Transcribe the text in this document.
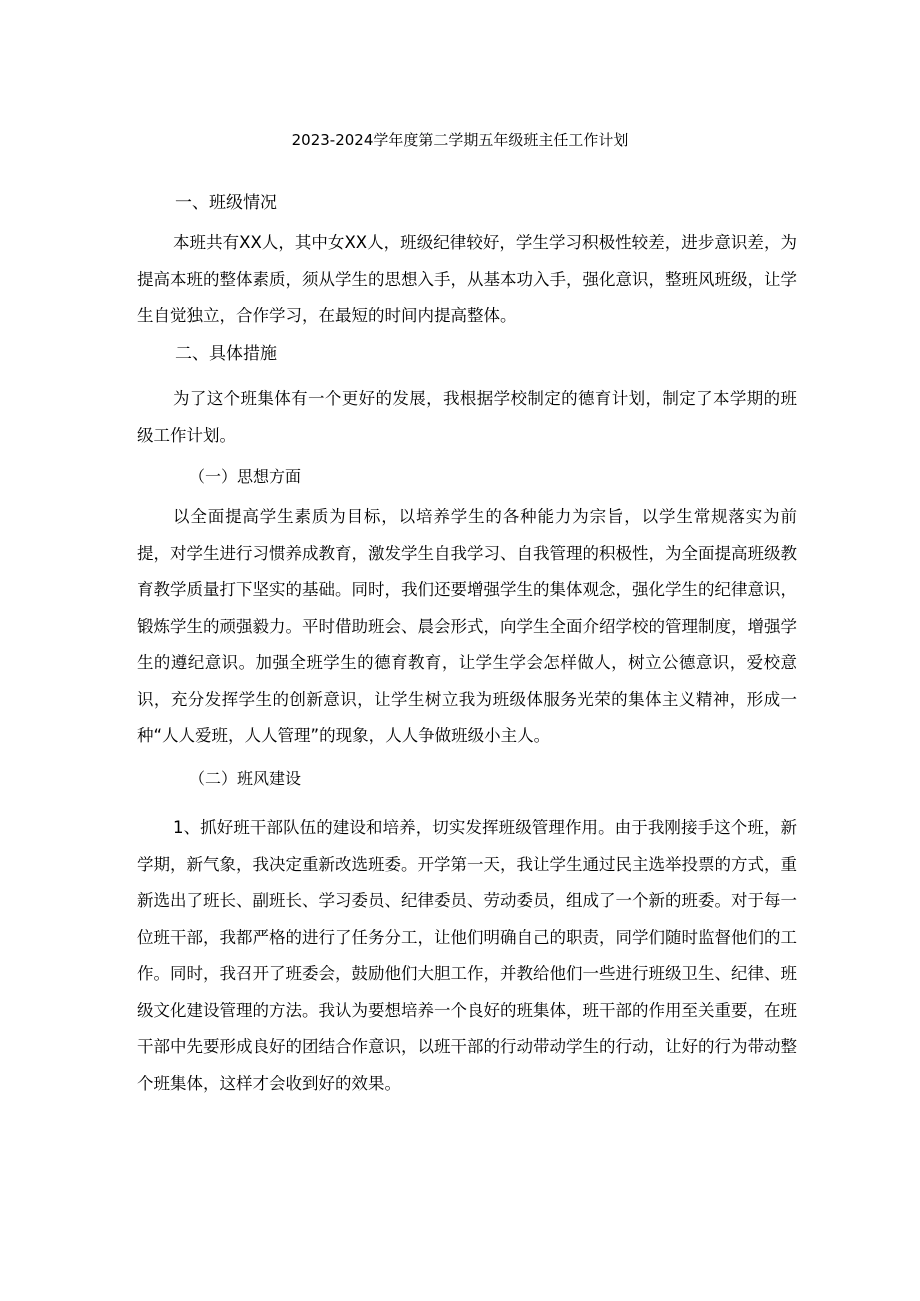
2023-2024学年度第二学期五年级班主任工作计划
一、班级情况
本班共有XX人，其中女XX人，班级纪律较好，学生学习积极性较差，进步意识差，为提高本班的整体素质，须从学生的思想入手，从基本功入手，强化意识，整班风班级，让学生自觉独立，合作学习，在最短的时间内提高整体。
二、具体措施
为了这个班集体有一个更好的发展，我根据学校制定的德育计划，制定了本学期的班级工作计划。
（一）思想方面
以全面提高学生素质为目标，以培养学生的各种能力为宗旨，以学生常规落实为前提，对学生进行习惯养成教育，激发学生自我学习、自我管理的积极性，为全面提高班级教育教学质量打下坚实的基础。同时，我们还要增强学生的集体观念，强化学生的纪律意识，锻炼学生的顽强毅力。平时借助班会、晨会形式，向学生全面介绍学校的管理制度，增强学生的遵纪意识。加强全班学生的德育教育，让学生学会怎样做人，树立公德意识，爱校意识，充分发挥学生的创新意识，让学生树立我为班级体服务光荣的集体主义精神，形成一种“人人爱班，人人管理”的现象，人人争做班级小主人。
（二）班风建设
1、抓好班干部队伍的建设和培养，切实发挥班级管理作用。由于我刚接手这个班，新学期，新气象，我决定重新改选班委。开学第一天，我让学生通过民主选举投票的方式，重新选出了班长、副班长、学习委员、纪律委员、劳动委员，组成了一个新的班委。对于每一位班干部，我都严格的进行了任务分工，让他们明确自己的职责，同学们随时监督他们的工作。同时，我召开了班委会，鼓励他们大胆工作，并教给他们一些进行班级卫生、纪律、班级文化建设管理的方法。我认为要想培养一个良好的班集体，班干部的作用至关重要，在班干部中先要形成良好的团结合作意识，以班干部的行动带动学生的行动，让好的行为带动整个班集体，这样才会收到好的效果。
